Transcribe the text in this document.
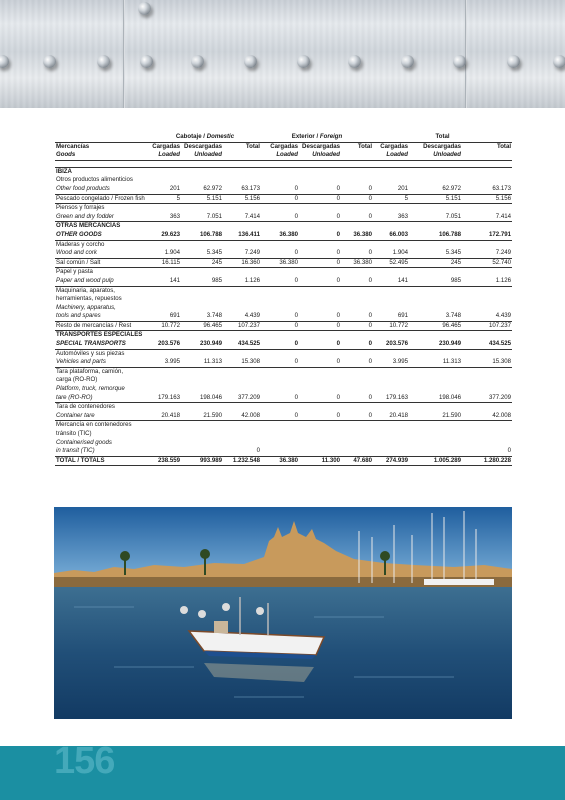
	Cabotaje / Domestic			Exterior / Foreign			Total		
Mercancías	Cargadas	Descargadas	Total	Cargadas	Descargadas	Total	Cargadas	Descargadas	Total
Goods	Loaded	Unloaded		Loaded	Unloaded		Loaded	Unloaded	

IBIZA									
Otros productos alimenticios									
Other food products	201	62.972	63.173	0	0	0	201	62.972	63.173
Pescado congelado / Frozen fish	5	5.151	5.156	0	0	0	5	5.151	5.156
Piensos y forrajes									
Green and dry fodder	363	7.051	7.414	0	0	0	363	7.051	7.414
OTRAS MERCANCÍAS									
OTHER GOODS	29.623	106.788	136.411	36.380	0	36.380	66.003	106.788	172.791
Maderas y corcho									
Wood and cork	1.904	5.345	7.249	0	0	0	1.904	5.345	7.249
Sal común / Salt	16.115	245	16.360	36.380	0	36.380	52.495	245	52.740
Papel y pasta									
Paper and wood pulp	141	985	1.126	0	0	0	141	985	1.126
Maquinaria, aparatos,									
herramientas, repuestos									
Machinery, apparatus,									
tools and spares	691	3.748	4.439	0	0	0	691	3.748	4.439
Resto de mercancías / Rest	10.772	96.465	107.237	0	0	0	10.772	96.465	107.237
TRANSPORTES ESPECIALES									
SPECIAL TRANSPORTS	203.576	230.949	434.525	0	0	0	203.576	230.949	434.525
Automóviles y sus piezas									
Vehicles and parts	3.995	11.313	15.308	0	0	0	3.995	11.313	15.308
Tara plataforma, camión,									
carga (RO-RO)									
Platform, truck, remorque									
tare (RO-RO)	179.163	198.046	377.209	0	0	0	179.163	198.046	377.209
Tara de contenedores									
Container tare	20.418	21.590	42.008	0	0	0	20.418	21.590	42.008
Mercancía en contenedores									
tránsito (TIC)									
Containerised goods									
in transit (TIC)			0						0
TOTAL / TOTALS	238.559	993.989	1.232.548	36.380	11.300	47.680	274.939	1.005.289	1.280.228
156
